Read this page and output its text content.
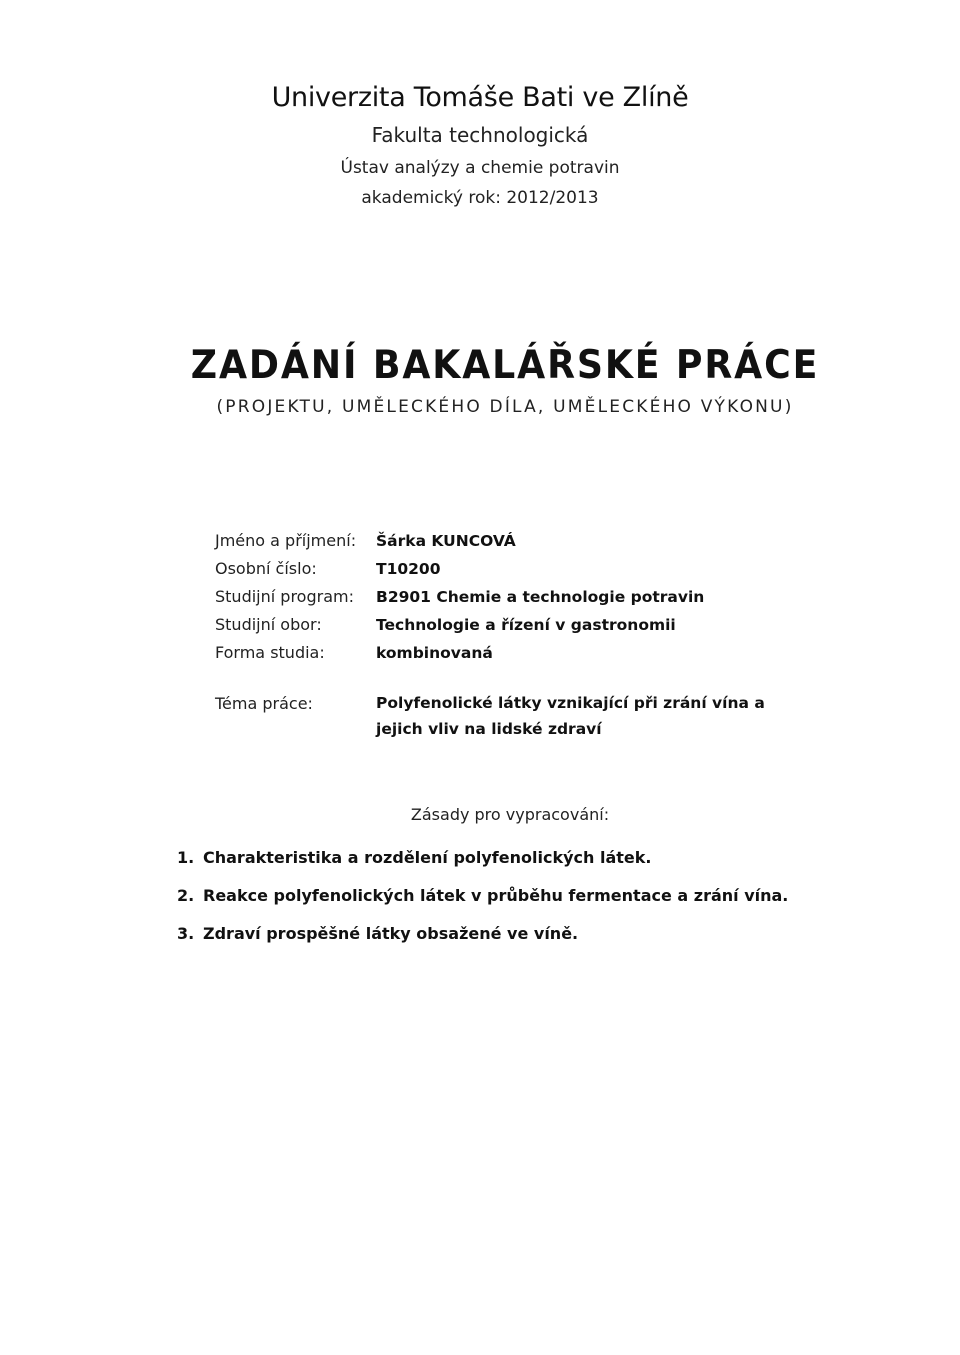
Univerzita Tomáše Bati ve Zlíně
Fakulta technologická
Ústav analýzy a chemie potravin
akademický rok: 2012/2013
ZADÁNÍ BAKALÁŘSKÉ PRÁCE
(PROJEKTU, UMĚLECKÉHO DÍLA, UMĚLECKÉHO VÝKONU)
Jméno a příjmení: Šárka KUNCOVÁ
Osobní číslo:	T10200
Studijní program: B2901 Chemie a technologie potravin
Studijní obor:	Technologie a řízení v gastronomii
Forma studia:	kombinovaná
Téma práce:	Polyfenolické látky vznikající při zrání vína a jejich vliv na lidské zdraví
Zásady pro vypracování:
1. Charakteristika a rozdělení polyfenolických látek.
2. Reakce polyfenolických látek v průběhu fermentace a zrání vína.
3. Zdraví prospěšné látky obsažené ve víně.
